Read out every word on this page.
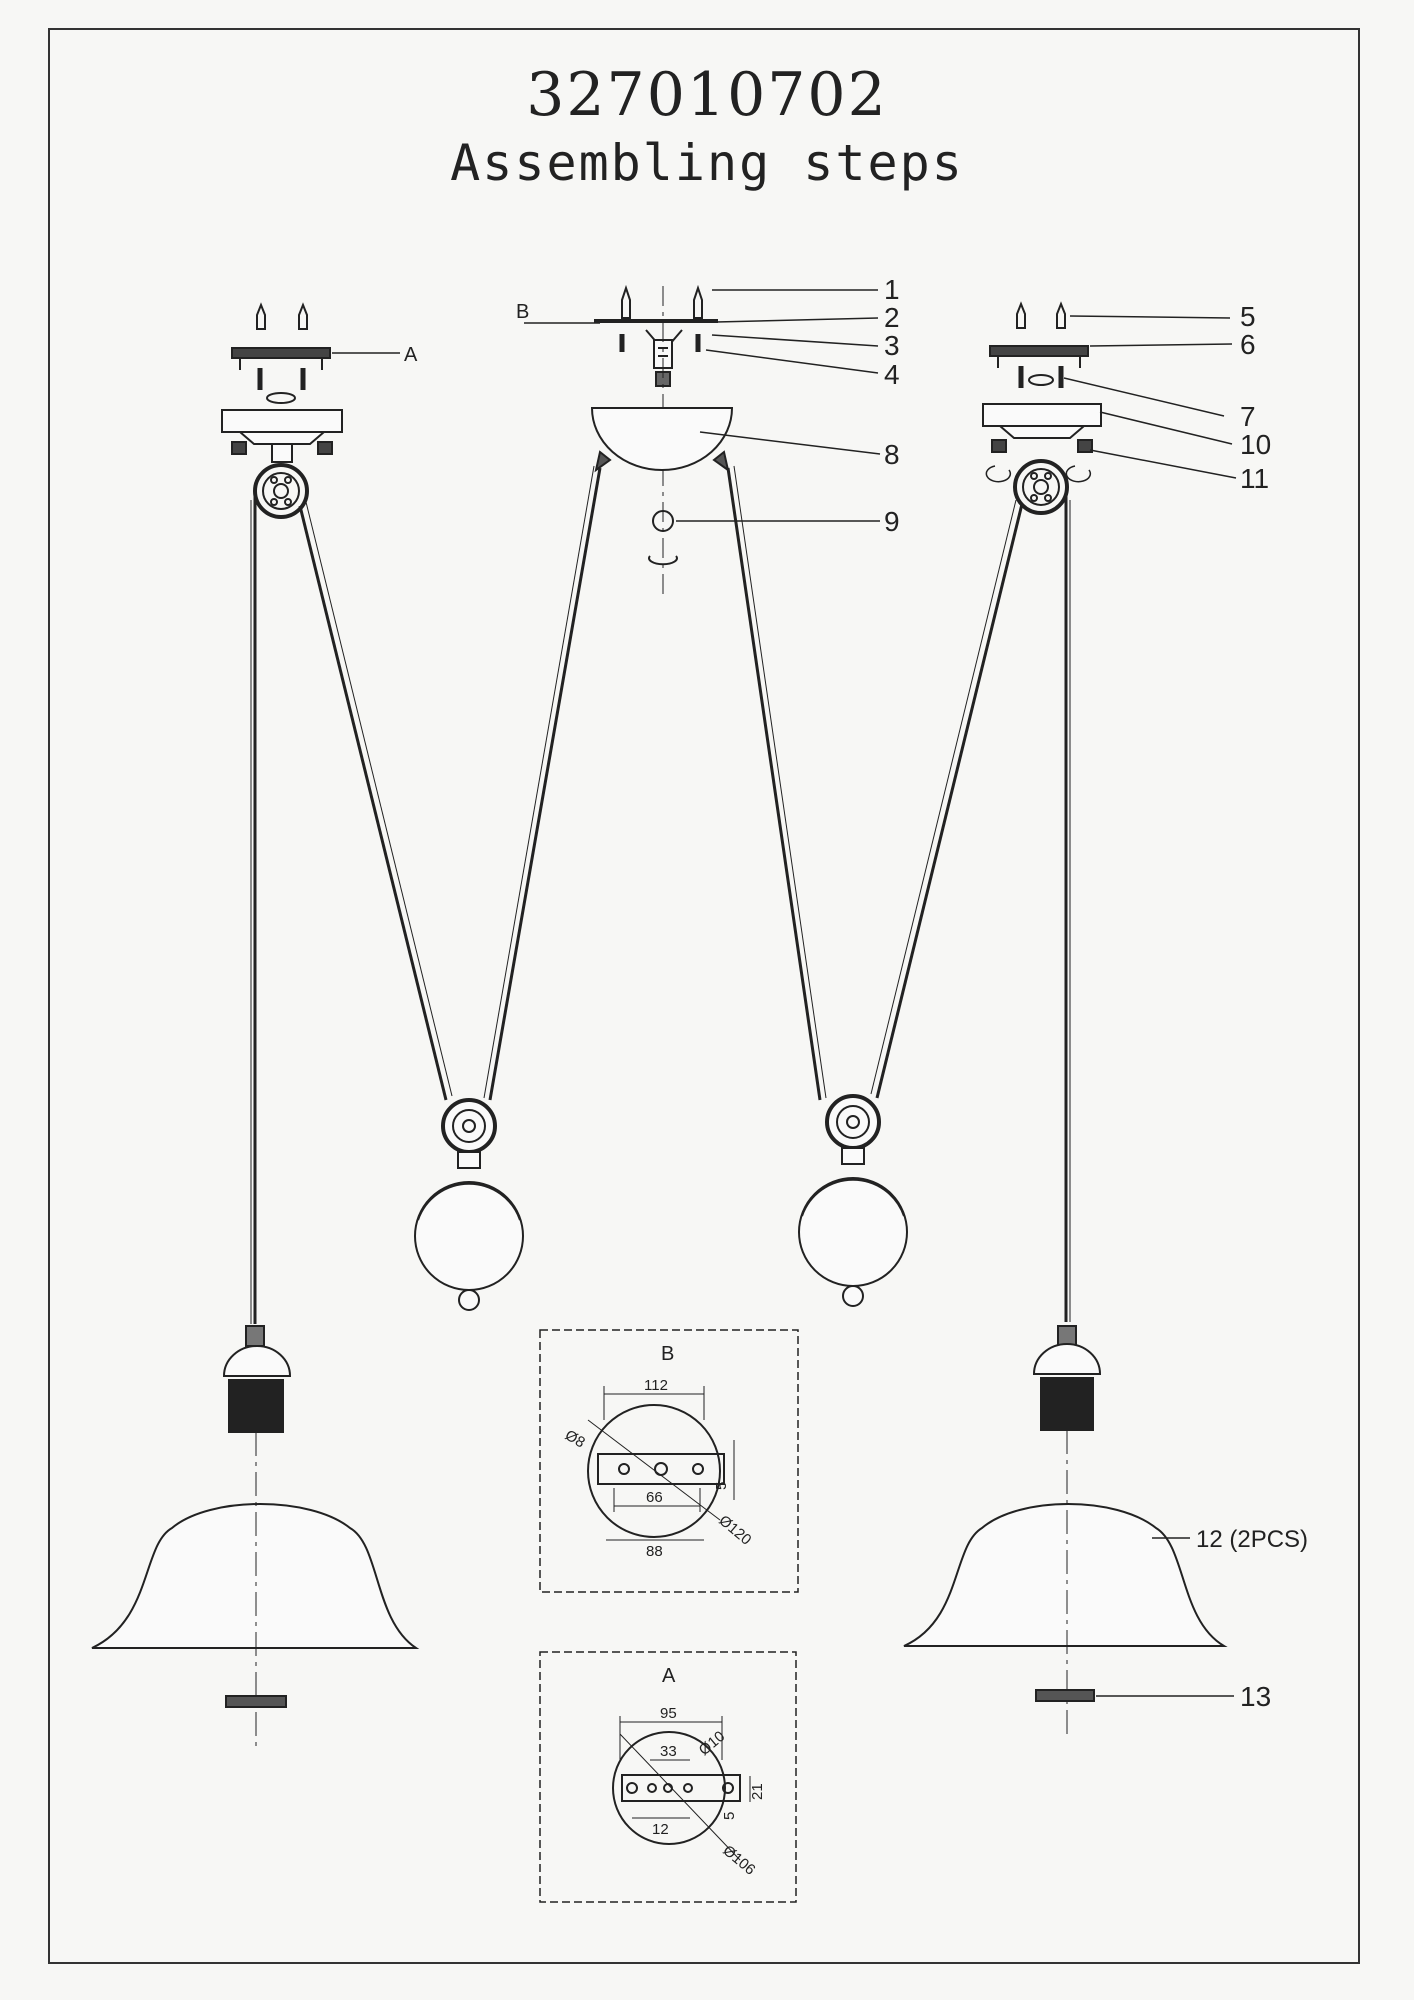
327010702
Assembling steps
1
2
3
4
5
6
7
10
8
11
9
12 (2PCS)
13
A
B
B
112
Ø8
66
Ø120
88
5
A
95
33 Ø10
21
5
12
Ø106
